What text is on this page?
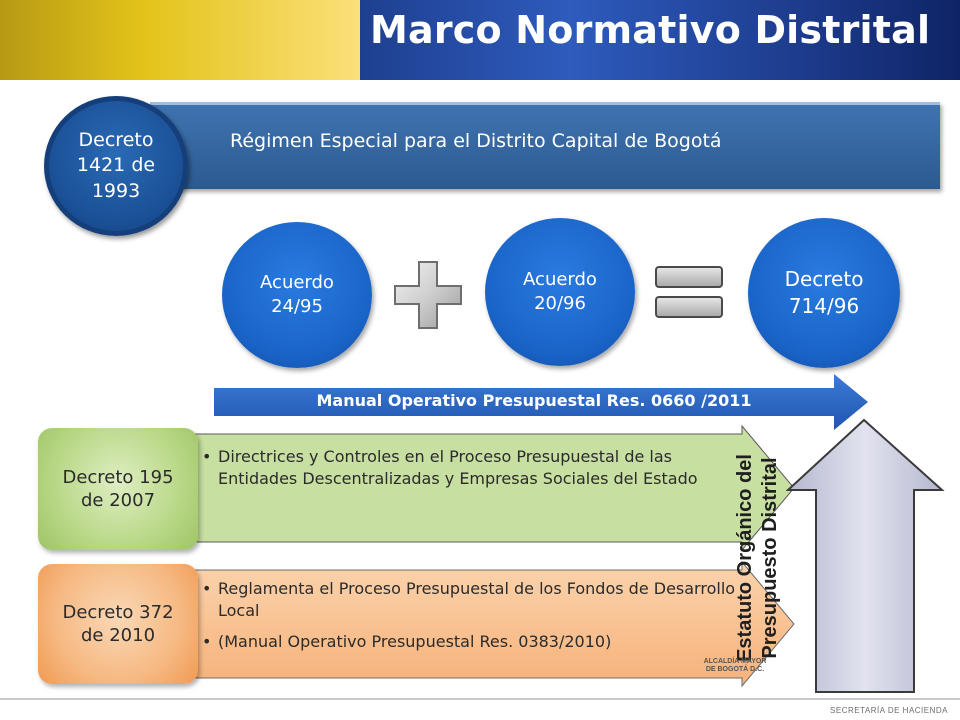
Marco Normativo Distrital
Régimen Especial para el Distrito Capital de Bogotá
Decreto 1421 de 1993
Acuerdo 24/95
Acuerdo 20/96
Decreto 714/96
Manual Operativo Presupuestal Res. 0660 /2011
• Directrices y Controles en el Proceso Presupuestal de las Entidades Descentralizadas y Empresas Sociales del Estado
Decreto 195 de 2007
• Reglamenta el Proceso Presupuestal de los Fondos de Desarrollo Local
• (Manual Operativo Presupuestal Res. 0383/2010)
Decreto 372 de 2010	Estatuto Orgánico del Presupuesto Distrital
ALCALDÍA MAYOR DE BOGOTÁ D.C.
SECRETARÍA DE HACIENDA
